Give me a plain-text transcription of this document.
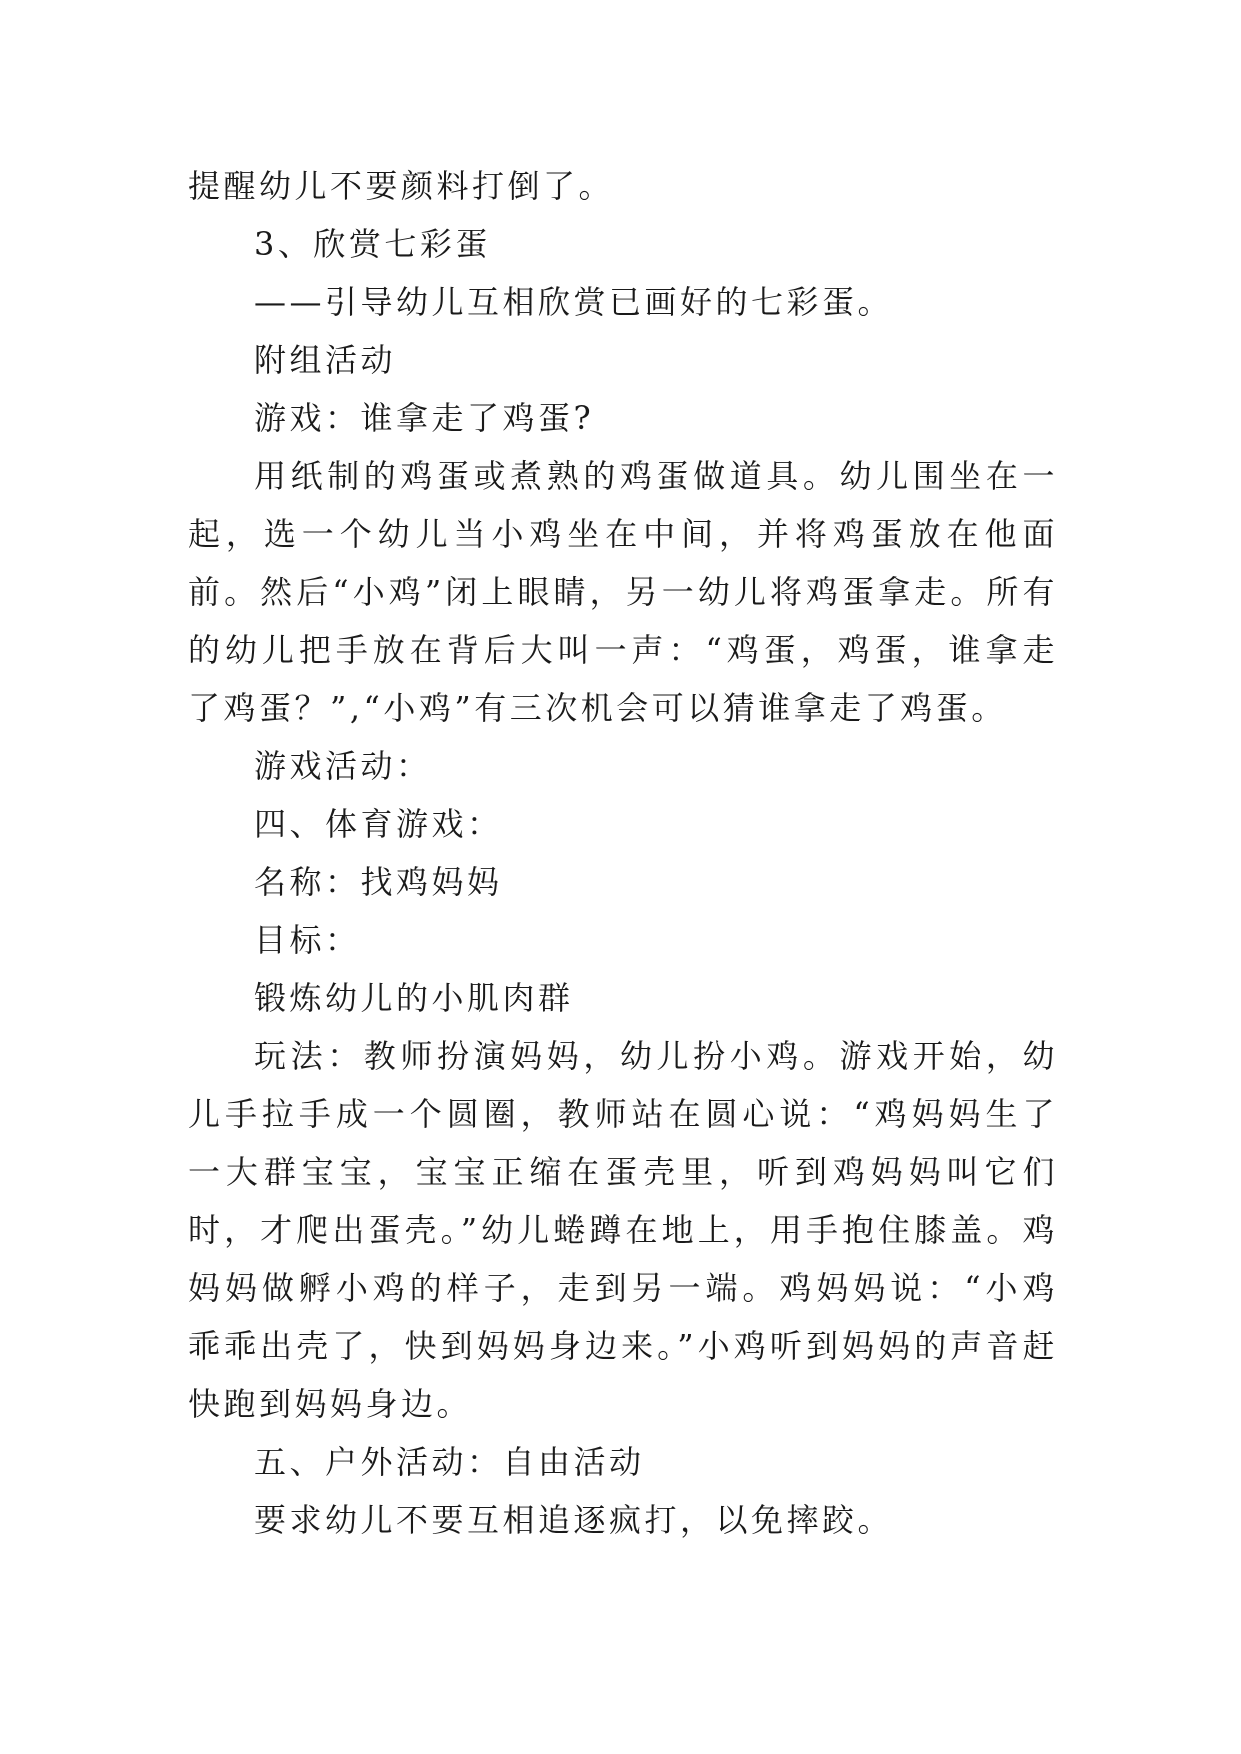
提醒幼儿不要颜料打倒了。

3、欣赏七彩蛋

——引导幼儿互相欣赏已画好的七彩蛋。

附组活动

游戏：谁拿走了鸡蛋?

用纸制的鸡蛋或煮熟的鸡蛋做道具。幼儿围坐在一起，选一个幼儿当小鸡坐在中间，并将鸡蛋放在他面前。然后“小鸡”闭上眼睛，另一幼儿将鸡蛋拿走。所有的幼儿把手放在背后大叫一声：“鸡蛋，鸡蛋，谁拿走了鸡蛋？”,“小鸡”有三次机会可以猜谁拿走了鸡蛋。

游戏活动：

四、体育游戏：

名称：找鸡妈妈

目标：

锻炼幼儿的小肌肉群

玩法：教师扮演妈妈，幼儿扮小鸡。游戏开始，幼儿手拉手成一个圆圈，教师站在圆心说：“鸡妈妈生了一大群宝宝，宝宝正缩在蛋壳里，听到鸡妈妈叫它们时，才爬出蛋壳。”幼儿蜷蹲在地上，用手抱住膝盖。鸡妈妈做孵小鸡的样子，走到另一端。鸡妈妈说：“小鸡乖乖出壳了，快到妈妈身边来。”小鸡听到妈妈的声音赶快跑到妈妈身边。

五、户外活动：自由活动

要求幼儿不要互相追逐疯打，以免摔跤。
